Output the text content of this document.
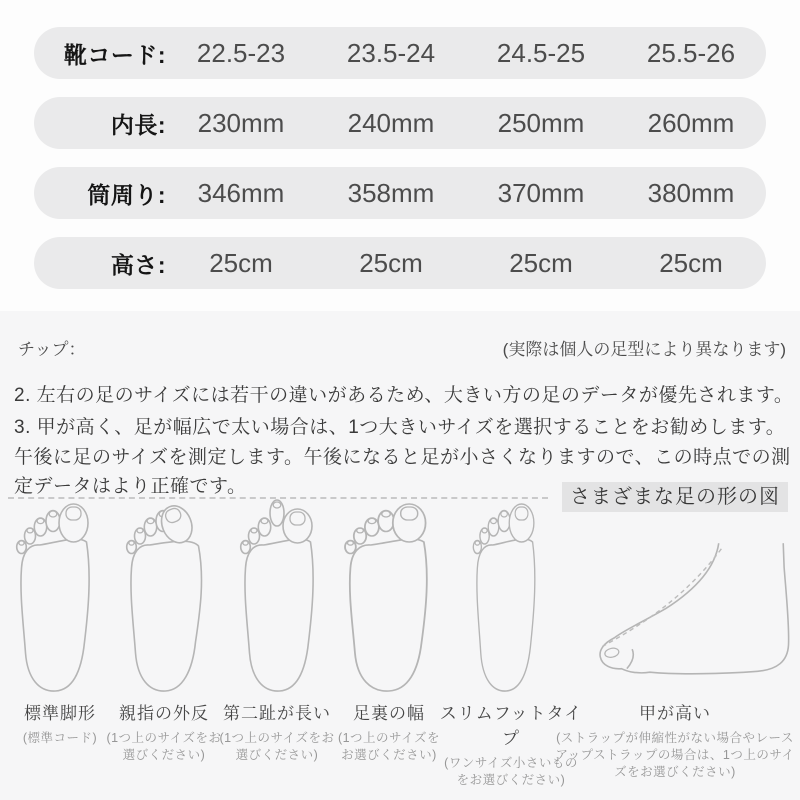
靴コード:	22.5-23	23.5-24	24.5-25	25.5-26
内長:	230mm	240mm	250mm	260mm
筒周り:	346mm	358mm	370mm	380mm
高さ:	25cm	25cm	25cm	25cm
チップ：	(実際は個人の足型により異なります)
2. 左右の足のサイズには若干の違いがあるため、大きい方の足のデータが優先されます。
3. 甲が高く、足が幅広で太い場合は、1つ大きいサイズを選択することをお勧めします。
午後に足のサイズを測定します。午後になると足が小さくなりますので、この時点での測
定データはより正確です。	さまざまな足の形の図
標準脚形
(標準コード)
親指の外反
(1つ上のサイズをお選びください)
第二趾が長い
(1つ上のサイズをお選びください)
足裏の幅
(1つ上のサイズをお選びください)
スリムフットタイプ
(ワンサイズ小さいものをお選びください)
甲が高い
(ストラップが伸縮性がない場合やレースアップストラップの場合は、1つ上のサイズをお選びください)
